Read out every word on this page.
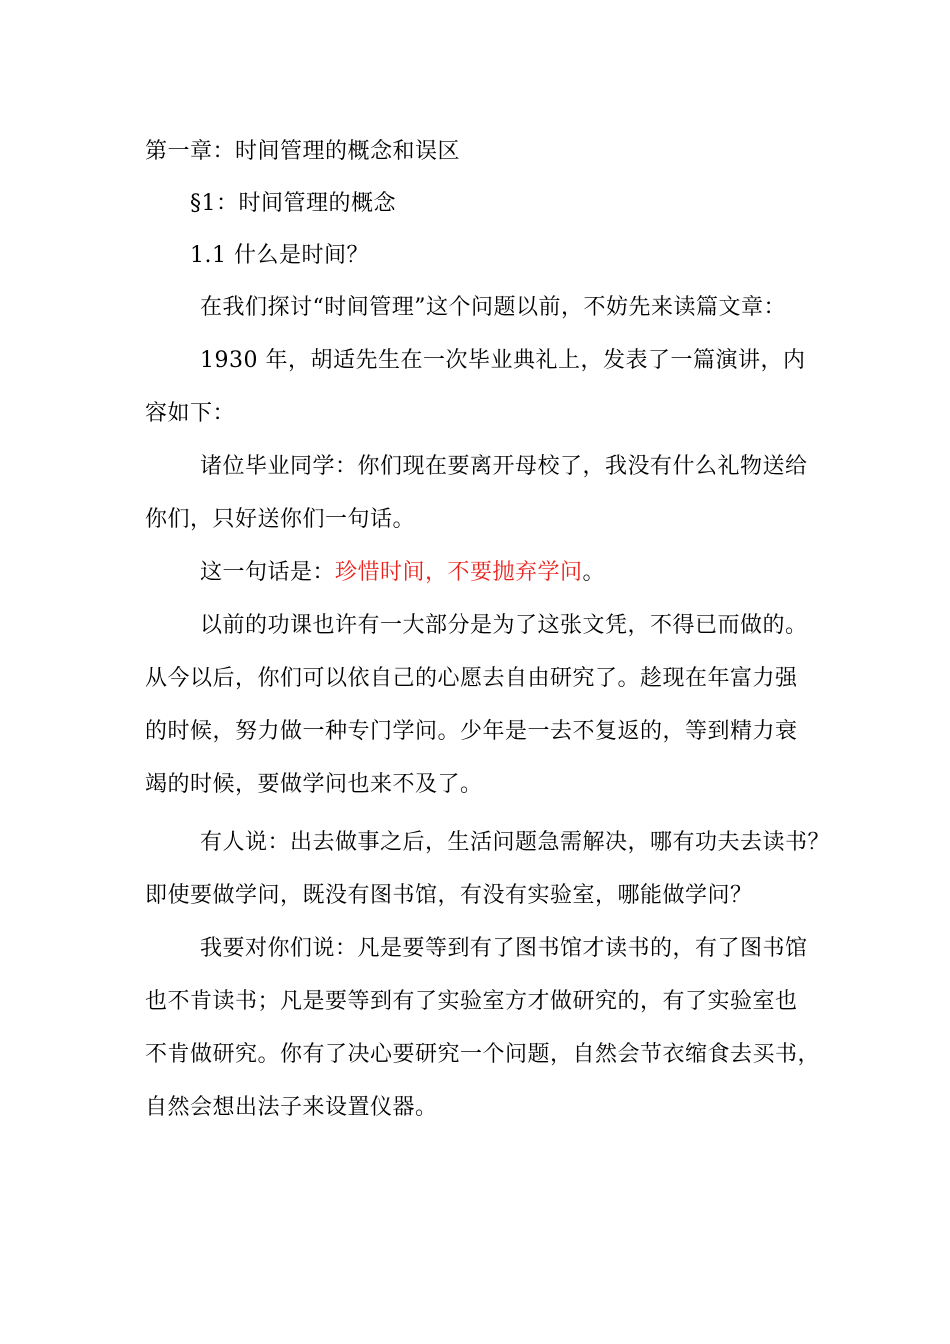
第一章：时间管理的概念和误区
§1：时间管理的概念
1.1 什么是时间？
在我们探讨“时间管理”这个问题以前，不妨先来读篇文章：
1930 年，胡适先生在一次毕业典礼上，发表了一篇演讲，内
容如下：
诸位毕业同学：你们现在要离开母校了，我没有什么礼物送给
你们，只好送你们一句话。
这一句话是：珍惜时间，不要抛弃学问。
以前的功课也许有一大部分是为了这张文凭，不得已而做的。
从今以后，你们可以依自己的心愿去自由研究了。趁现在年富力强
的时候，努力做一种专门学问。少年是一去不复返的，等到精力衰
竭的时候，要做学问也来不及了。
有人说：出去做事之后，生活问题急需解决，哪有功夫去读书？
即使要做学问，既没有图书馆，有没有实验室，哪能做学问？
我要对你们说：凡是要等到有了图书馆才读书的，有了图书馆
也不肯读书；凡是要等到有了实验室方才做研究的，有了实验室也
不肯做研究。你有了决心要研究一个问题，自然会节衣缩食去买书，
自然会想出法子来设置仪器。
